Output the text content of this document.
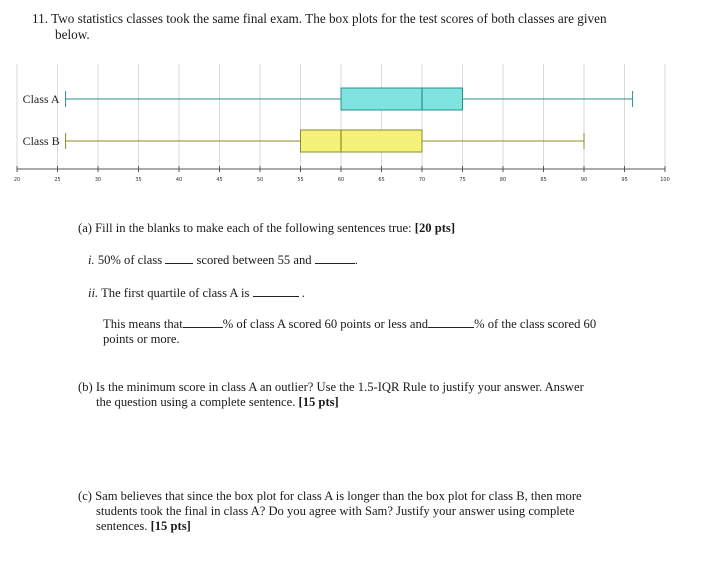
11. Two statistics classes took the same final exam. The box plots for the test scores of both classes are given
below.
20	25	30	35	40	45	50	55	60	65	70	75	80	85	90	95	100
Class A
Class B
(a) Fill in the blanks to make each of the following sentences true: [20 pts]
i. 50% of class	scored between 55 and	.
ii. The first quartile of class A is	.
This means that	% of class A scored 60 points or less and	% of the class scored 60
points or more.
(b) Is the minimum score in class A an outlier? Use the 1.5-IQR Rule to justify your answer. Answer
the question using a complete sentence. [15 pts]
(c) Sam believes that since the box plot for class A is longer than the box plot for class B, then more
students took the final in class A? Do you agree with Sam? Justify your answer using complete
sentences. [15 pts]
